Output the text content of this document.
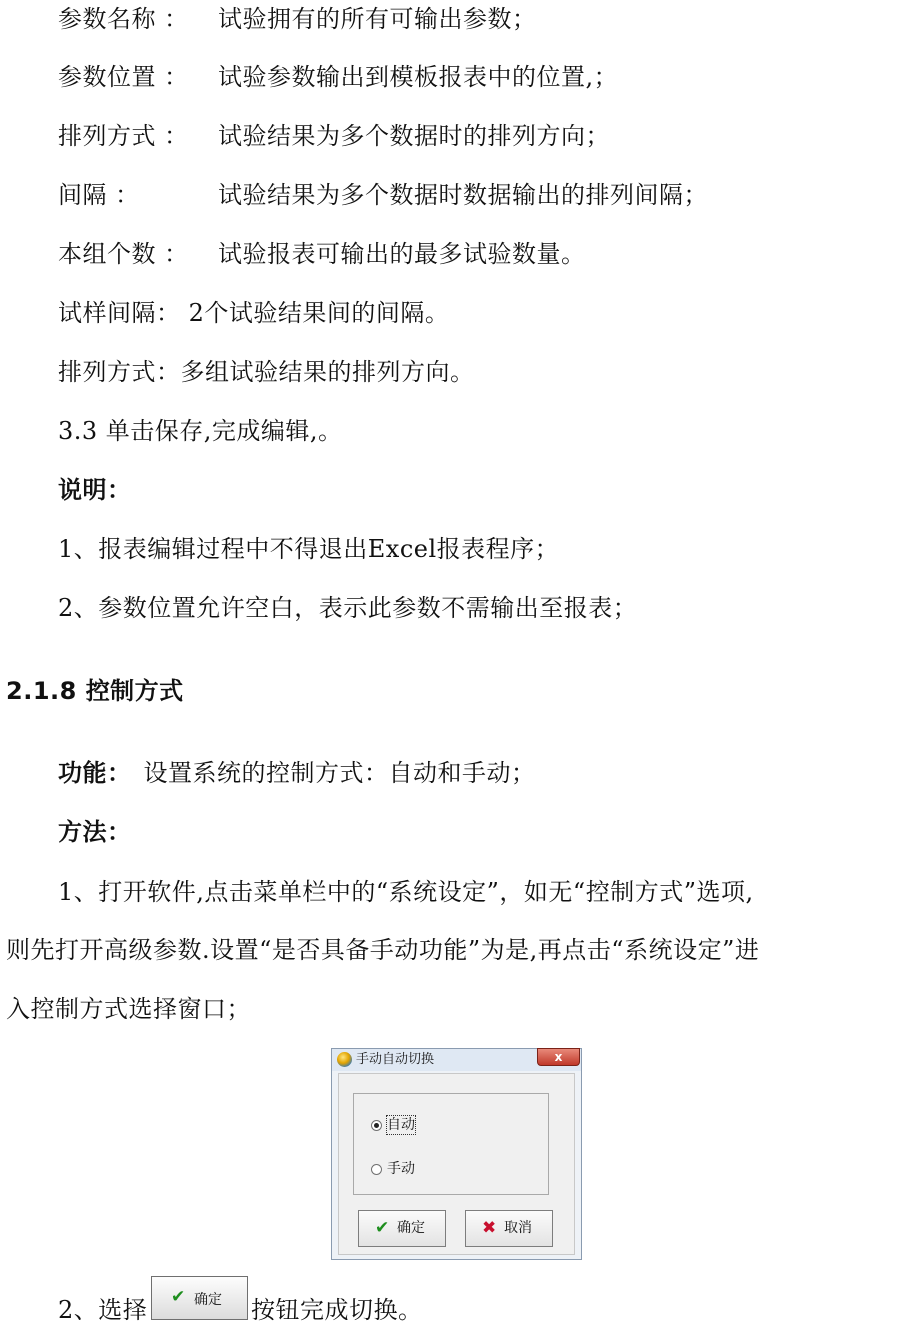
参数名称 ： 试验拥有的所有可输出参数；
参数位置 ： 试验参数输出到模板报表中的位置,；
排列方式 ： 试验结果为多个数据时的排列方向；
间隔 ：	试验结果为多个数据时数据输出的排列间隔；
本组个数 ： 试验报表可输出的最多试验数量。
试样间隔： 2个试验结果间的间隔。
排列方式：多组试验结果的排列方向。
3.3 单击保存,完成编辑,。
说明：
1、报表编辑过程中不得退出Excel报表程序；
2、参数位置允许空白，表示此参数不需输出至报表；
2.1.8 控制方式
功能： 设置系统的控制方式：自动和手动；
方法：
1、打开软件,点击菜单栏中的“系统设定”，如无“控制方式”选项,
则先打开高级参数.设置“是否具备手动功能”为是,再点击“系统设定”进
入控制方式选择窗口；
手动自动切换	x
自动
手动
✔ 确定	✖ 取消
2、选择 ✔ 确定 按钮完成切换。
